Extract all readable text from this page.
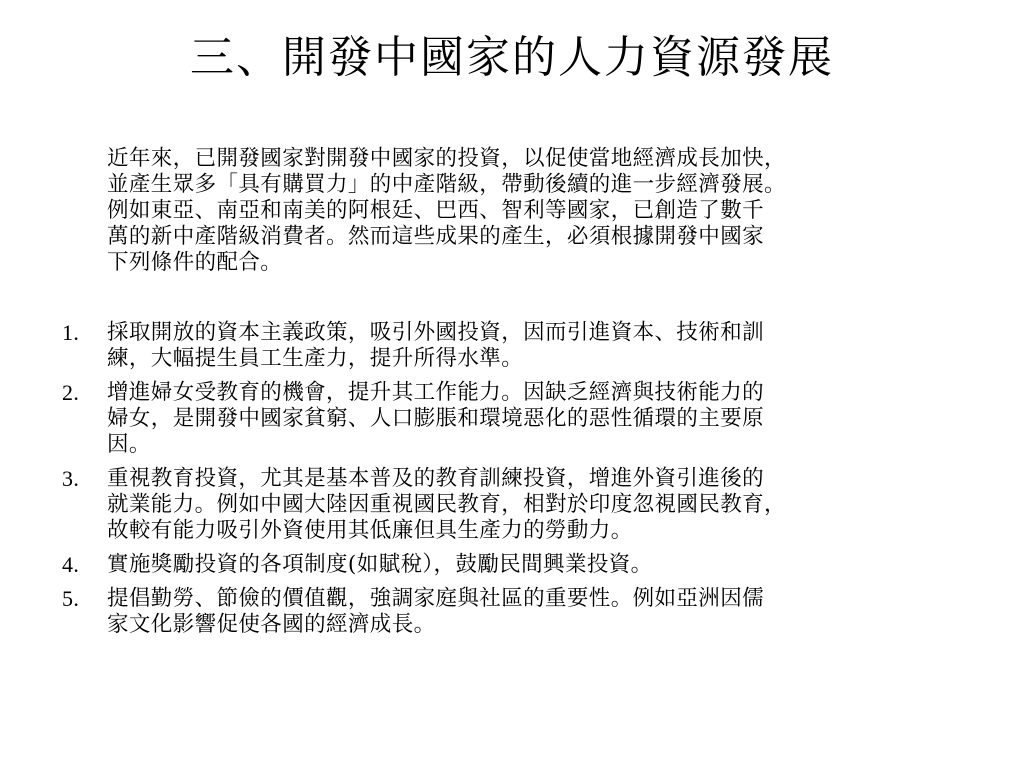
三、開發中國家的人力資源發展

近年來，已開發國家對開發中國家的投資，以促使當地經濟成長加快，
並產生眾多「具有購買力」的中產階級，帶動後續的進一步經濟發展。
例如東亞、南亞和南美的阿根廷、巴西、智利等國家，已創造了數千
萬的新中產階級消費者。然而這些成果的產生，必須根據開發中國家
下列條件的配合。

1. 採取開放的資本主義政策，吸引外國投資，因而引進資本、技術和訓
練，大幅提生員工生產力，提升所得水準。
2. 增進婦女受教育的機會，提升其工作能力。因缺乏經濟與技術能力的
婦女，是開發中國家貧窮、人口膨脹和環境惡化的惡性循環的主要原
因。
3. 重視教育投資，尤其是基本普及的教育訓練投資，增進外資引進後的
就業能力。例如中國大陸因重視國民教育，相對於印度忽視國民教育，
故較有能力吸引外資使用其低廉但具生產力的勞動力。
4. 實施獎勵投資的各項制度(如賦稅），鼓勵民間興業投資。
5. 提倡勤勞、節儉的價值觀，強調家庭與社區的重要性。例如亞洲因儒
家文化影響促使各國的經濟成長。
